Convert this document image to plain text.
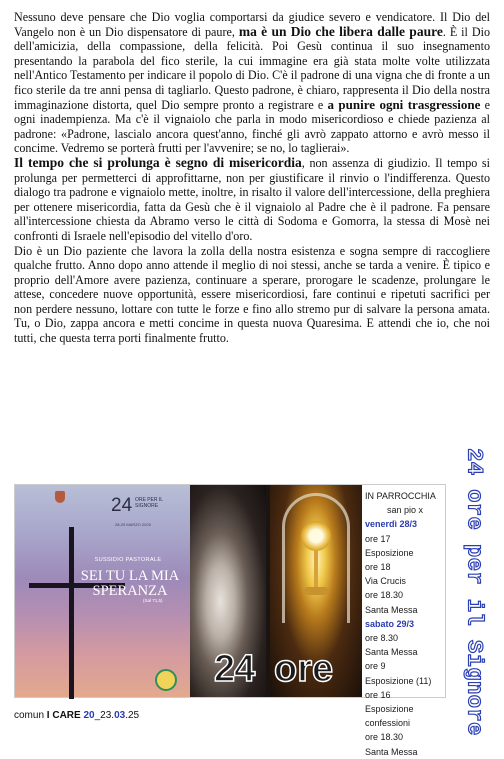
Nessuno deve pensare che Dio voglia comportarsi da giudice severo e vendicatore. Il Dio del Vangelo non è un Dio dispensatore di paure, ma è un Dio che libera dalle paure. È il Dio dell'amicizia, della compassione, della felicità. Poi Gesù continua il suo insegnamento presentando la parabola del fico sterile, la cui immagine era già stata molte volte utilizzata nell'Antico Testamento per indicare il popolo di Dio. C'è il padrone di una vigna che di fronte a un fico sterile da tre anni pensa di tagliarlo. Questo padrone, è chiaro, rappresenta il Dio della nostra immaginazione distorta, quel Dio sempre pronto a registrare e a punire ogni trasgressione e ogni inadempienza. Ma c'è il vignaiolo che parla in modo misericordioso e chiede pazienza al padrone: «Padrone, lascialo ancora quest'anno, finché gli avrò zappato attorno e avrò messo il concime. Vedremo se porterà frutti per l'avvenire; se no, lo taglierai».

Il tempo che si prolunga è segno di misericordia, non assenza di giudizio. Il tempo si prolunga per permetterci di approfittarne, non per giustificare il rinvio o l'indifferenza. Questo dialogo tra padrone e vignaiolo mette, inoltre, in risalto il valore dell'intercessione, della preghiera per ottenere misericordia, fatta da Gesù che è il vignaiolo al Padre che è il padrone. Fa pensare all'intercessione chiesta da Abramo verso le città di Sodoma e Gomorra, la stessa di Mosè nei confronti di Israele nell'episodio del vitello d'oro.

Dio è un Dio paziente che lavora la zolla della nostra esistenza e sogna sempre di raccogliere qualche frutto. Anno dopo anno attende il meglio di noi stessi, anche se tarda a venire. È tipico e proprio dell'Amore avere pazienza, continuare a sperare, prorogare le scadenze, prolungare le attese, concedere nuove opportunità, essere misericordiosi, fare continui e ripetuti sacrifici per non perdere nessuno, lottare con tutte le forze e fino allo stremo pur di salvare la persona amata. Tu, o Dio, zappa ancora e metti concime in questa nuova Quaresima. E attendi che io, che noi tutti, che questa terra porti finalmente frutto.

24 ORE PER IL
SIGNORE
28-29 MARZO 2025
SUSSIDIO PASTORALE
SEI TU LA MIA SPERANZA
(Sal 71,5)
24 ore
IN PARROCCHIA
san pio x
venerdì 28/3
ore 17
Esposizione
ore 18
Via Crucis
ore 18.30
Santa Messa
sabato 29/3
ore 8.30
Santa Messa
ore 9
Esposizione (11)
ore 16
Esposizione
confessioni
ore 18.30
Santa Messa
24 ore per il Signore
comun I CARE 20_23.03.25
